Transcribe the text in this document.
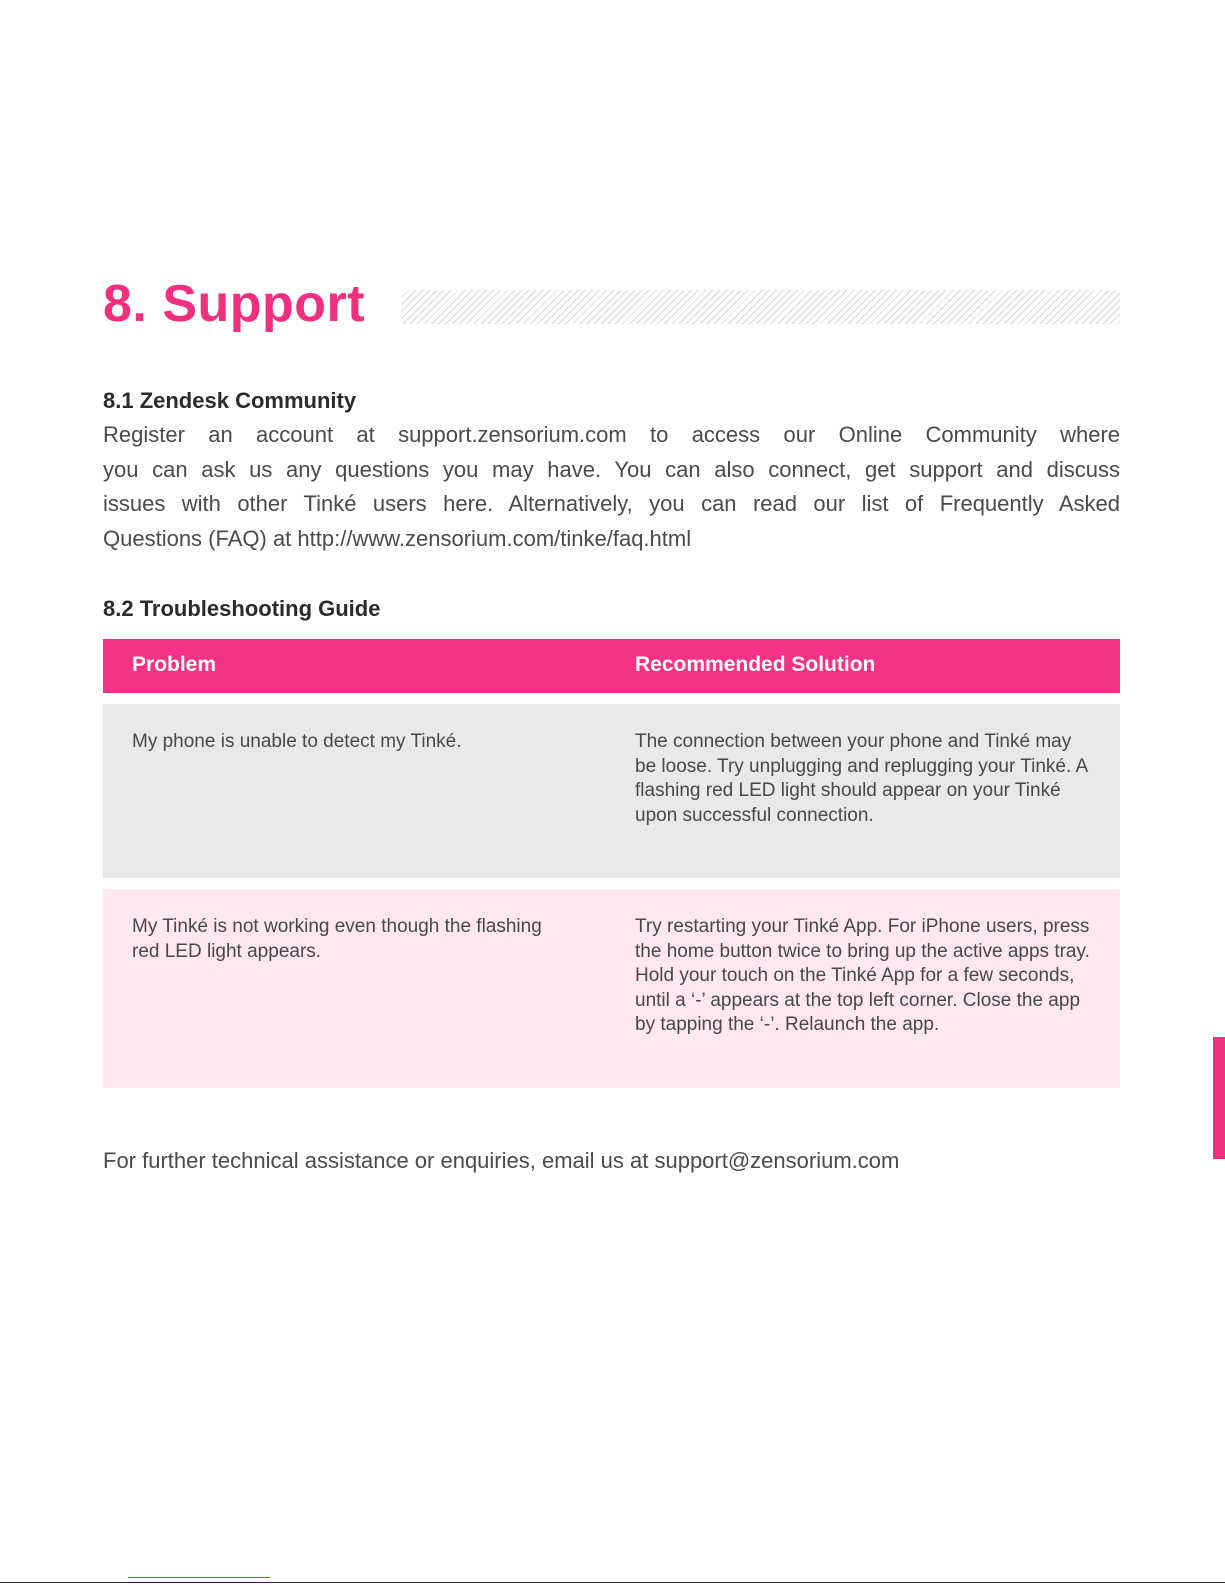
8. Support
8.1 Zendesk Community

Register an account at support.zensorium.com to access our Online Community where
you can ask us any questions you may have. You can also connect, get support and discuss
issues with other Tinké users here. Alternatively, you can read our list of Frequently Asked
Questions (FAQ) at http://www.zensorium.com/tinke/faq.html

8.2 Troubleshooting Guide
Problem	Recommended Solution
My phone is unable to detect my Tinké.	The connection between your phone and Tinké may be loose. Try unplugging and replugging your Tinké. A flashing red LED light should appear on your Tinké upon successful connection.
My Tinké is not working even though the flashing red LED light appears.
Try restarting your Tinké App. For iPhone users, press the home button twice to bring up the active apps tray. Hold your touch on the Tinké App for a few seconds, until a ‘-’ appears at the top left corner. Close the app by tapping the ‘-’. Relaunch the app.
For further technical assistance or enquiries, email us at support@zensorium.com
